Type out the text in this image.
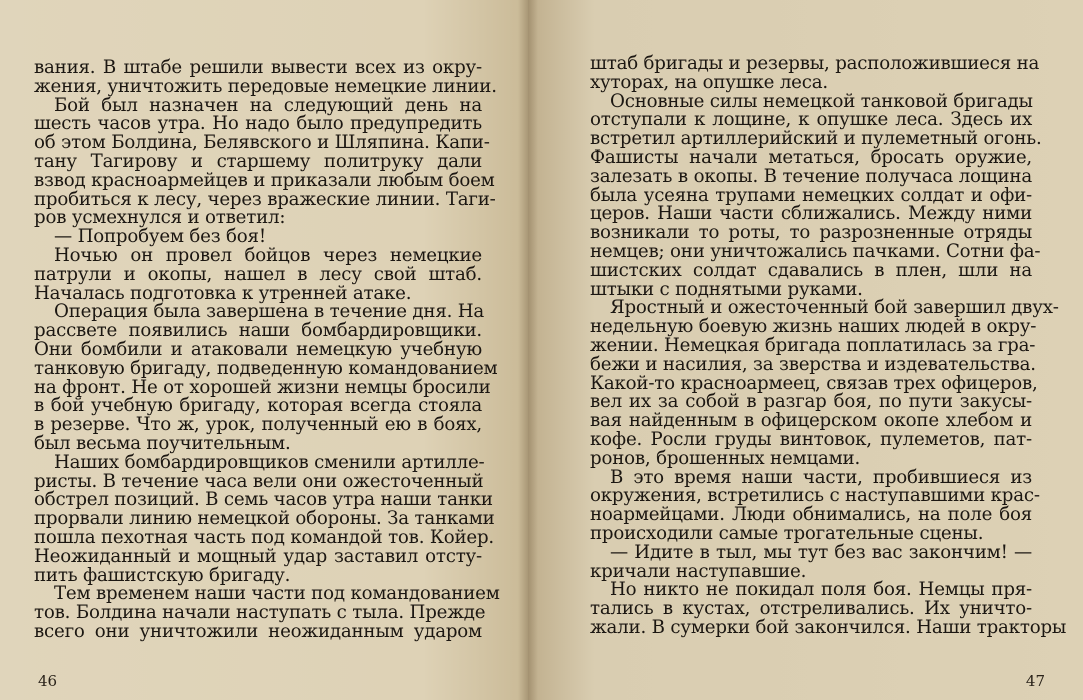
вания. В штабе решили вывести всех из окру-
жения, уничтожить передовые немецкие линии.
Бой был назначен на следующий день на
шесть часов утра. Но надо было предупредить
об этом Болдина, Белявского и Шляпина. Капи-
тану Тагирову и старшему политруку дали
взвод красноармейцев и приказали любым боем
пробиться к лесу, через вражеские линии. Таги-
ров усмехнулся и ответил:
— Попробуем без боя!
Ночью он провел бойцов через немецкие
патрули и окопы, нашел в лесу свой штаб.
Началась подготовка к утренней атаке.
Операция была завершена в течение дня. На
рассвете появились наши бомбардировщики.
Они бомбили и атаковали немецкую учебную
танковую бригаду, подведенную командованием
на фронт. Не от хорошей жизни немцы бросили
в бой учебную бригаду, которая всегда стояла
в резерве. Что ж, урок, полученный ею в боях,
был весьма поучительным.
Наших бомбардировщиков сменили артилле-
ристы. В течение часа вели они ожесточенный
обстрел позиций. В семь часов утра наши танки
прорвали линию немецкой обороны. За танками
пошла пехотная часть под командой тов. Койер.
Неожиданный и мощный удар заставил отсту-
пить фашистскую бригаду.
Тем временем наши части под командованием
тов. Болдина начали наступать с тыла. Прежде
всего они уничтожили неожиданным ударом
46
штаб бригады и резервы, расположившиеся на
хуторах, на опушке леса.
Основные силы немецкой танковой бригады
отступали к лощине, к опушке леса. Здесь их
встретил артиллерийский и пулеметный огонь.
Фашисты начали метаться, бросать оружие,
залезать в окопы. В течение получаса лощина
была усеяна трупами немецких солдат и офи-
церов. Наши части сближались. Между ними
возникали то роты, то разрозненные отряды
немцев; они уничтожались пачками. Сотни фа-
шистских солдат сдавались в плен, шли на
штыки с поднятыми руками.
Яростный и ожесточенный бой завершил двух-
недельную боевую жизнь наших людей в окру-
жении. Немецкая бригада поплатилась за гра-
бежи и насилия, за зверства и издевательства.
Какой-то красноармеец, связав трех офицеров,
вел их за собой в разгар боя, по пути закусы-
вая найденным в офицерском окопе хлебом и
кофе. Росли груды винтовок, пулеметов, пат-
ронов, брошенных немцами.
В это время наши части, пробившиеся из
окружения, встретились с наступавшими крас-
ноармейцами. Люди обнимались, на поле боя
происходили самые трогательные сцены.
— Идите в тыл, мы тут без вас закончим! —
кричали наступавшие.
Но никто не покидал поля боя. Немцы пря-
тались в кустах, отстреливались. Их уничто-
жали. В сумерки бой закончился. Наши тракторы
47
